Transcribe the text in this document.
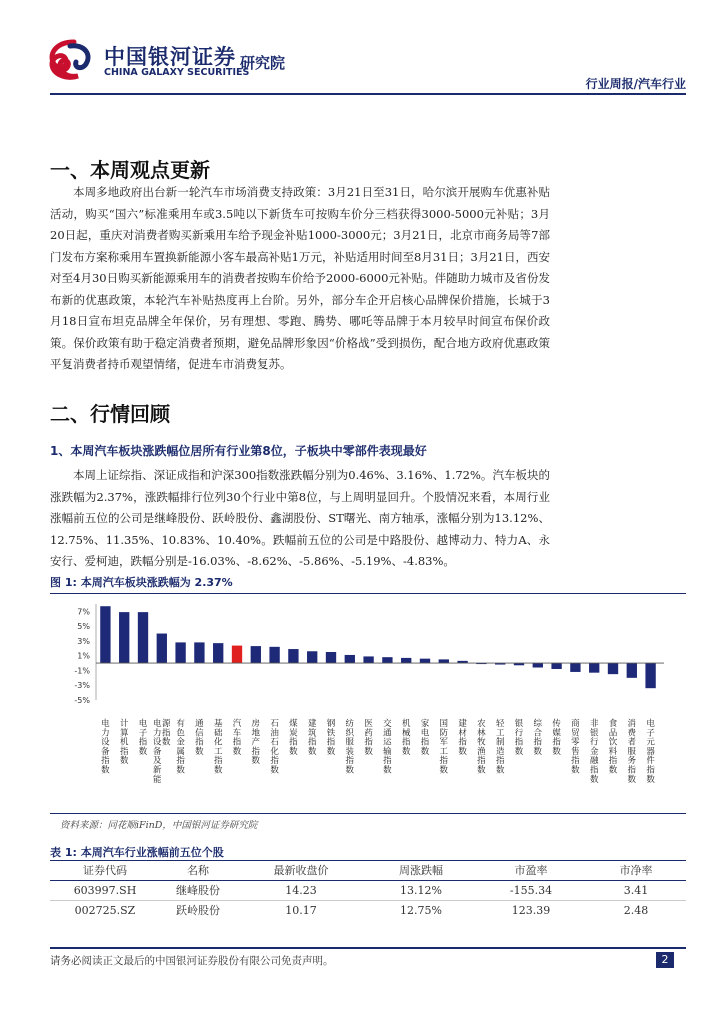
中国银河证券 研究院
CHINA GALAXY SECURITIES
行业周报/汽车行业
一、本周观点更新

本周多地政府出台新一轮汽车市场消费支持政策：3月21日至31日，哈尔滨开展购车优惠补贴活动，购买“国六”标准乘用车或3.5吨以下新货车可按购车价分三档获得3000-5000元补贴；3月20日起，重庆对消费者购买新乘用车给予现金补贴1000-3000元；3月21日，北京市商务局等7部门发布方案称乘用车置换新能源小客车最高补贴1万元，补贴适用时间至8月31日；3月21日，西安对至4月30日购买新能源乘用车的消费者按购车价给予2000-6000元补贴。伴随助力城市及省份发布新的优惠政策，本轮汽车补贴热度再上台阶。另外，部分车企开启核心品牌保价措施，长城于3月18日宣布坦克品牌全年保价，另有理想、零跑、腾势、哪吒等品牌于本月较早时间宣布保价政策。保价政策有助于稳定消费者预期，避免品牌形象因“价格战”受到损伤，配合地方政府优惠政策平复消费者持币观望情绪，促进车市消费复苏。

二、行情回顾
1、本周汽车板块涨跌幅位居所有行业第8位，子板块中零部件表现最好

本周上证综指、深证成指和沪深300指数涨跌幅分别为0.46%、3.16%、1.72%。汽车板块的涨跌幅为2.37%，涨跌幅排行位列30个行业中第8位，与上周明显回升。个股情况来看，本周行业涨幅前五位的公司是继峰股份、跃岭股份、鑫湖股份、ST曙光、南方轴承，涨幅分别为13.12%、12.75%、11.35%、10.83%、10.40%。跌幅前五位的公司是中路股份、越博动力、特力A、永安行、爱柯迪，跌幅分别是-16.03%、-8.62%、-5.86%、-5.19%、-4.83%。

图 1: 本周汽车板块涨跌幅为 2.37%
7%
5%
3%
1%
-1%
-3%
-5%
电力设备指数
计算机指数
电子指数
电力设备及新能源指数
有色金属指数
通信指数
基础化工指数
汽车指数
房地产指数
石油石化指数
煤炭指数
建筑指数
钢铁指数
纺织服装指数
医药指数
交通运输指数
机械指数
家电指数
国防军工指数
建材指数
农林牧渔指数
轻工制造指数
银行指数
综合指数
传媒指数
商贸零售指数
非银行金融指数
食品饮料指数
消费者服务指数
电子元器件指数
资料来源：同花顺iFinD，中国银河证券研究院
表 1: 本周汽车行业涨幅前五位个股
证券代码	名称	最新收盘价	周涨跌幅	市盈率	市净率
603997.SH	继峰股份	14.23	13.12%	-155.34	3.41
002725.SZ	跃岭股份	10.17	12.75%	123.39	2.48
请务必阅读正文最后的中国银河证券股份有限公司免责声明。	2
